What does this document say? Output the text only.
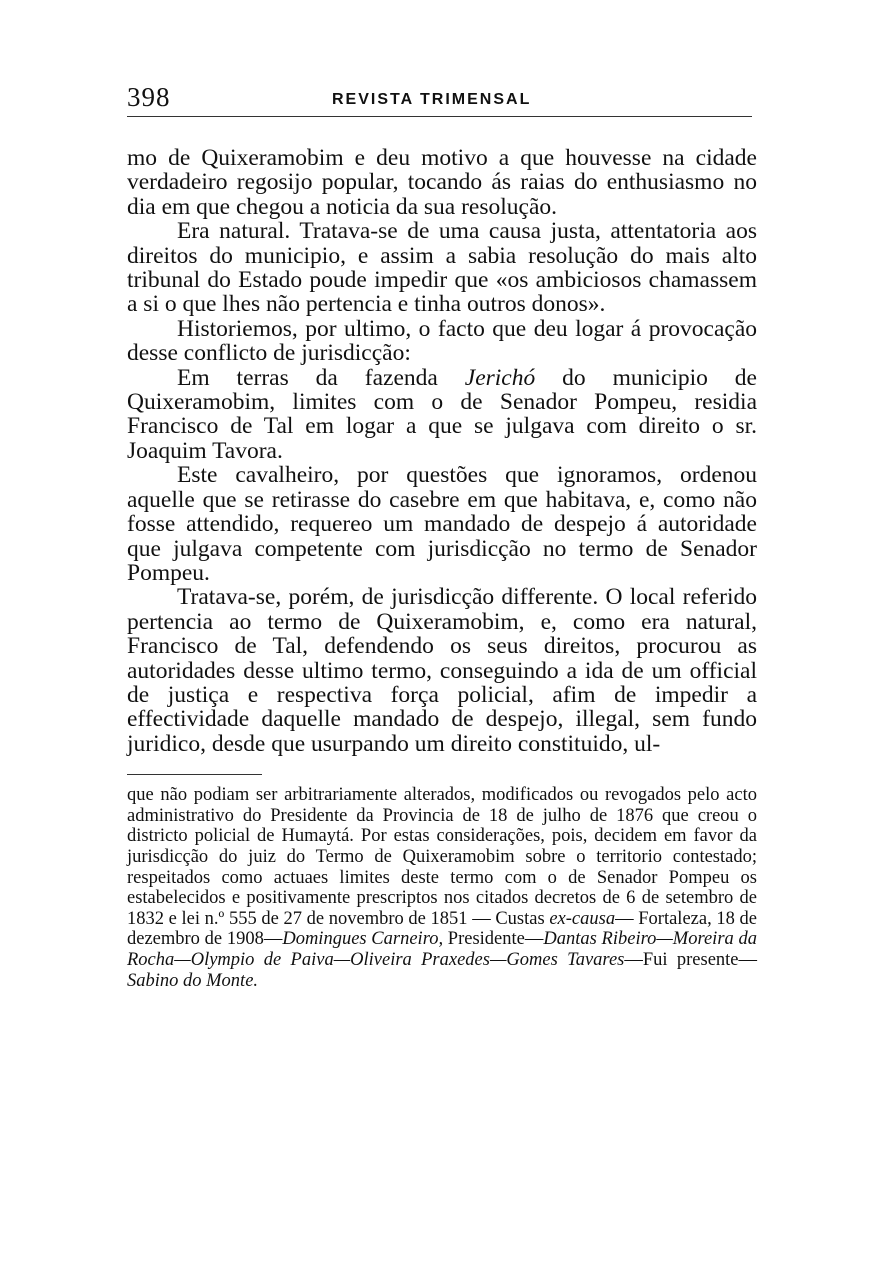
398	REVISTA TRIMENSAL

mo de Quixeramobim e deu motivo a que houvesse na cidade verdadeiro regosijo popular, tocando ás raias do enthusiasmo no dia em que chegou a noticia da sua resolução.

Era natural. Tratava-se de uma causa justa, attentatoria aos direitos do municipio, e assim a sabia resolução do mais alto tribunal do Estado poude impedir que «os ambiciosos chamassem a si o que lhes não pertencia e tinha outros donos».

Historiemos, por ultimo, o facto que deu logar á provocação desse conflicto de jurisdicção:

Em terras da fazenda Jerichó do municipio de Quixeramobim, limites com o de Senador Pompeu, residia Francisco de Tal em logar a que se julgava com direito o sr. Joaquim Tavora.

Este cavalheiro, por questões que ignoramos, ordenou aquelle que se retirasse do casebre em que habitava, e, como não fosse attendido, requereo um mandado de despejo á autoridade que julgava competente com jurisdicção no termo de Senador Pompeu.

Tratava-se, porém, de jurisdicção differente. O local referido pertencia ao termo de Quixeramobim, e, como era natural, Francisco de Tal, defendendo os seus direitos, procurou as autoridades desse ultimo termo, conseguindo a ida de um official de justiça e respectiva força policial, afim de impedir a effectividade daquelle mandado de despejo, illegal, sem fundo juridico, desde que usurpando um direito constituido, ul-

que não podiam ser arbitrariamente alterados, modificados ou revogados pelo acto administrativo do Presidente da Provincia de 18 de julho de 1876 que creou o districto policial de Humaytá. Por estas considerações, pois, decidem em favor da jurisdicção do juiz do Termo de Quixeramobim sobre o territorio contestado; respeitados como actuaes limites deste termo com o de Senador Pompeu os estabelecidos e positivamente prescriptos nos citados decretos de 6 de setembro de 1832 e lei n.º 555 de 27 de novembro de 1851 — Custas ex-causa— Fortaleza, 18 de dezembro de 1908—Domingues Carneiro, Presidente—Dantas Ribeiro—Moreira da Rocha—Olympio de Paiva—Oliveira Praxedes—Gomes Tavares—Fui presente—Sabino do Monte.
